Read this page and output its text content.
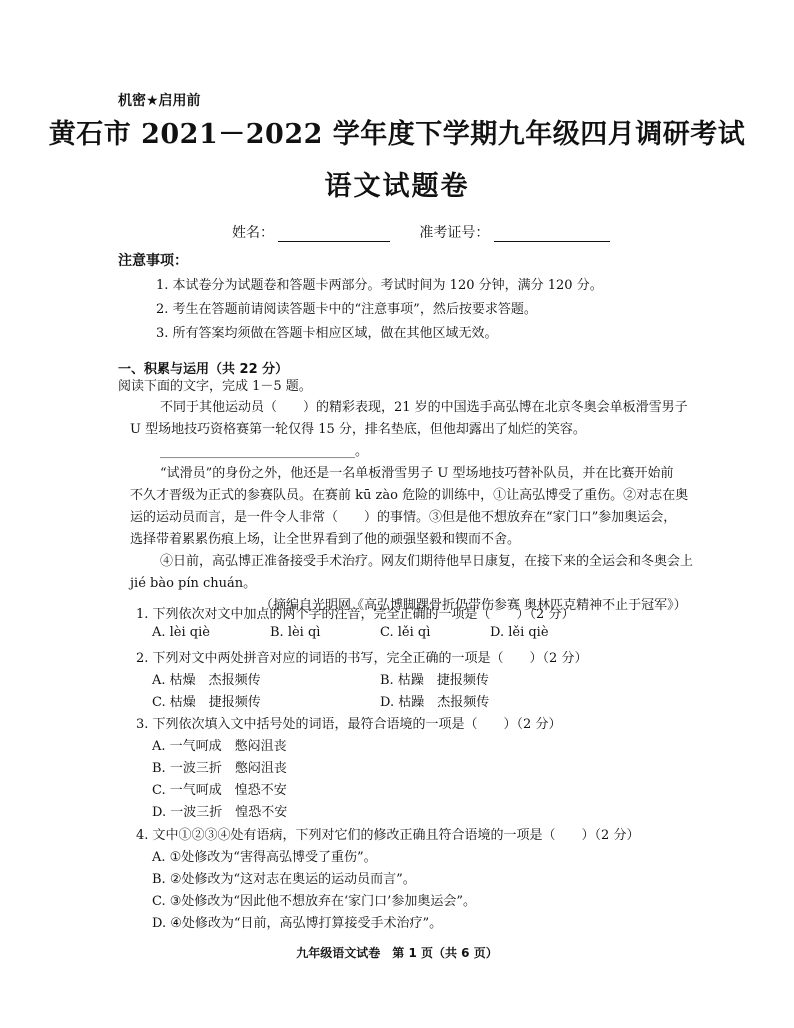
机密★启用前
黄石市 2021－2022 学年度下学期九年级四月调研考试
语文试题卷
姓名：	准考证号：
注意事项：
1. 本试卷分为试题卷和答题卡两部分。考试时间为 120 分钟，满分 120 分。
2. 考生在答题前请阅读答题卡中的“注意事项”，然后按要求答题。
3. 所有答案均须做在答题卡相应区域，做在其他区域无效。
一、积累与运用（共 22 分）
阅读下面的文字，完成 1－5 题。
不同于其他运动员（　　）的精彩表现，21 岁的中国选手高弘博在北京冬奥会单板滑雪男子
U 型场地技巧资格赛第一轮仅得 15 分，排名垫底，但他却露出了灿烂的笑容。
______________________________。
“试滑员”的身份之外，他还是一名单板滑雪男子 U 型场地技巧替补队员，并在比赛开始前
不久才晋级为正式的参赛队员。在赛前 kū zào 危险的训练中，①让高弘博受了重伤。②对志在奥
运的运动员而言，是一件令人非常（　　）的事情。③但是他不想放弃在“家门口”参加奥运会，
选择带着累累伤痕上场，让全世界看到了他的顽强坚毅和锲而不舍。
④日前，高弘博正准备接受手术治疗。网友们期待他早日康复，在接下来的全运会和冬奥会上
jié bào pín chuán。
（摘编自光明网《高弘博脚踝骨折仍带伤参赛 奥林匹克精神不止于冠军》）
1. 下列依次对文中加点的两个字的注音，完全正确的一项是（　　）（2 分）
A. lèi qiè	B. lèi qì	C. lěi qì	D. lěi qiè
2. 下列对文中两处拼音对应的词语的书写，完全正确的一项是（　　）（2 分）
A. 枯燥　杰报频传	B. 枯躁　捷报频传
C. 枯燥　捷报频传	D. 枯躁　杰报频传
3. 下列依次填入文中括号处的词语，最符合语境的一项是（　　）（2 分）
A. 一气呵成　憋闷沮丧
B. 一波三折　憋闷沮丧
C. 一气呵成　惶恐不安
D. 一波三折　惶恐不安
4. 文中①②③④处有语病，下列对它们的修改正确且符合语境的一项是（　　）（2 分）
A. ①处修改为“害得高弘博受了重伤”。
B. ②处修改为“这对志在奥运的运动员而言”。
C. ③处修改为“因此他不想放弃在‘家门口’参加奥运会”。
D. ④处修改为“日前，高弘博打算接受手术治疗”。
九年级语文试卷　第 1 页（共 6 页）
